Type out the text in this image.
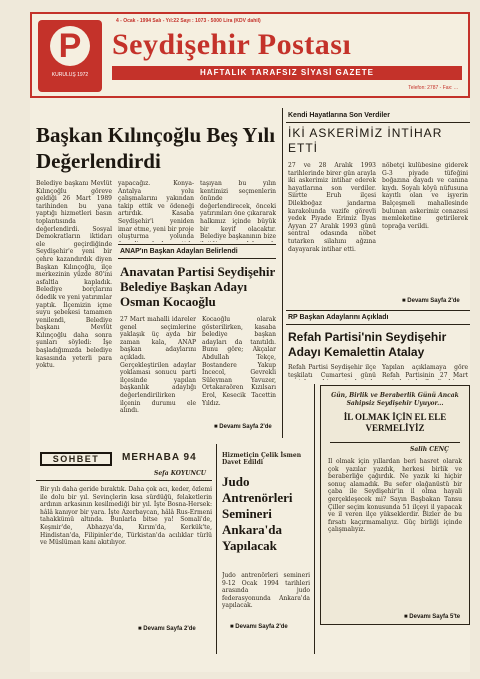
P
KURULUŞ 1972
4 - Ocak - 1994 Salı - Yıl:22 Sayı : 1073 - 5000 Lira (KDV dahil)
Seydişehir Postası
HAFTALIK TARAFSIZ SİYASİ GAZETE
Telefon: 2787 - Fax: ...
Başkan Kılınçoğlu Beş Yılı Değerlendirdi
Belediye başkanı Mevlüt Kılınçoğlu göreve geldiği 26 Mart 1989 tarihinden bu yana yaptığı hizmetleri basın toplantısında değerlendirdi. Sosyal Demokratların iktidarı ele geçirdiğinde Seydişehir'e yeni bir çehre kazandırdık diyen Başkan Kılınçoğlu, ilçe merkezinin yüzde 80'ini asfaltla kapladık. Belediye borçlarını ödedik ve yeni yatırımlar yaptık. İlçemizin içme suyu şebekesi tamamen yenilendi, Belediye başkanı Mevlüt Kılınçoğlu daha sonra şunları söyledi: İşe başladığımızda belediye kasasında yeterli para yoktu.
yapacağız. Konya-Antalya yolu çalışmalarını yakından takip ettik ve ödeneği artırdık. Kasaba Seydişehir'i yeniden imar etme, yeni bir proje oluşturma yolunda
taşıyan bu yılın kentimizi seçmenlerin önünde değerlendirecek, önceki yatırımları öne çıkararak halkımız içinde büyük bir keyif olacaktır. Belediye başkanının bize
ANAP'ın Başkan Adayları Belirlendi
Anavatan Partisi Seydişehir Belediye Başkan Adayı Osman Kocaoğlu
27 Mart mahalli idareler genel seçimlerine yaklaşık üç ayda bir zaman kala, ANAP başkan adaylarını açıkladı. Gerçekleştirilen adaylar yoklaması sonucu parti ilçesinde yapılan başkanlık adaylığı değerlendirilirken ilçenin durumu ele alındı.
Kocaoğlu olarak gösterilirken, kasaba belediye başkan adayları da tanıtıldı. Bunu göre; Akçalar Abdullah Tekçe, Bostandere Yakup İncecol, Gevrekli Süleyman Yavuzer, Ortakaraören Kızılsarı Erol, Kesecik Tacettin Yıldız.
■ Devamı Sayfa 2'de
Kendi Hayatlarına Son Verdiler
İKİ ASKERİMİZ İNTİHAR ETTİ
27 ve 28 Aralık 1993 tarihlerinde birer gün arayla iki askerimiz intihar ederek hayatlarına son verdiler. Siirtte Eruh ilçesi Dilekboğaz jandarma karakolunda vazife görevli yedek Piyade Erimiz İlyas Ayyan 27 Aralık 1993 günü sentral odasında nöbet tutarken silahını ağzına dayayarak intihar etti.
nöbetçi kulübesine giderek G-3 piyade tüfeğini boğazına dayadı ve canına kıydı. Soyalı köyü nüfusuna kayıtlı olan ve işyerin Balçeşmeli mahallesinde bulunan askerimiz cenazesi memleketine getirilerek toprağa verildi.
■ Devamı Sayfa 2'de
RP Başkan Adaylarını Açıkladı
Refah Partisi'nin Seydişehir Adayı Kemalettin Atalay
Refah Partisi Seydişehir ilçe teşkilatı Cumartesi günü
Yapılan açıklamaya göre Refah Partisinin 27 Mart
Gün, Birlik ve Beraberlik Günü Ancak Sahipsiz Seydişehir Uyuyor...
İL OLMAK İÇİN EL ELE VERMELİYİZ
Salih CENÇ
İl olmak için yıllardan beri hasret olarak çok yazılar yazdık, herkesi birlik ve beraberliğe çağırdık. Ne yazık ki hiçbir sonuç alamadık. Bu sefer olağanüstü bir çaba ile Seydişehir'in il olma hayali gerçekleşecek mi? Sayın Başbakan Tansu Çiller seçim konusunda 51 ilçeyi il yapacak ve il veren ilçe yükseklerdir. Bizler de bu fırsatı kaçırmamalıyız. Güç birliği içinde çalışmalıyız.
■ Devamı Sayfa 5'te
SOHBET	MERHABA 94
Sefa KOYUNCU
Bir yılı daha geride bıraktık. Daha çok acı, keder, özlemi ile dolu bir yıl. Sevinçlerin kısa sürdüğü, felaketlerin ardının arkasının kesilmediği bir yıl. İşte Bosna-Hersek: hâlâ kanıyor bir yara. İşte Azerbaycan, hâlâ Rus-Ermeni tahakkümü altında. Bunlarla bitse ya! Somali'de, Keşmir'de, Abhazya'da, Kırım'da, Kerkük'te, Hindistan'da, Filipinler'de, Türkistan'da acılıklar türlü ve Müslüman kanı akıtılıyor.
■ Devamı Sayfa 2'de
Hizmetiçin Çelik İsmen Davet Edildi
Judo Antrenörleri Semineri Ankara'da Yapılacak
Judo antrenörleri semineri 9-12 Ocak 1994 tarihleri arasında judo federasyonunda Ankara'da yapılacak.
■ Devamı Sayfa 2'de
